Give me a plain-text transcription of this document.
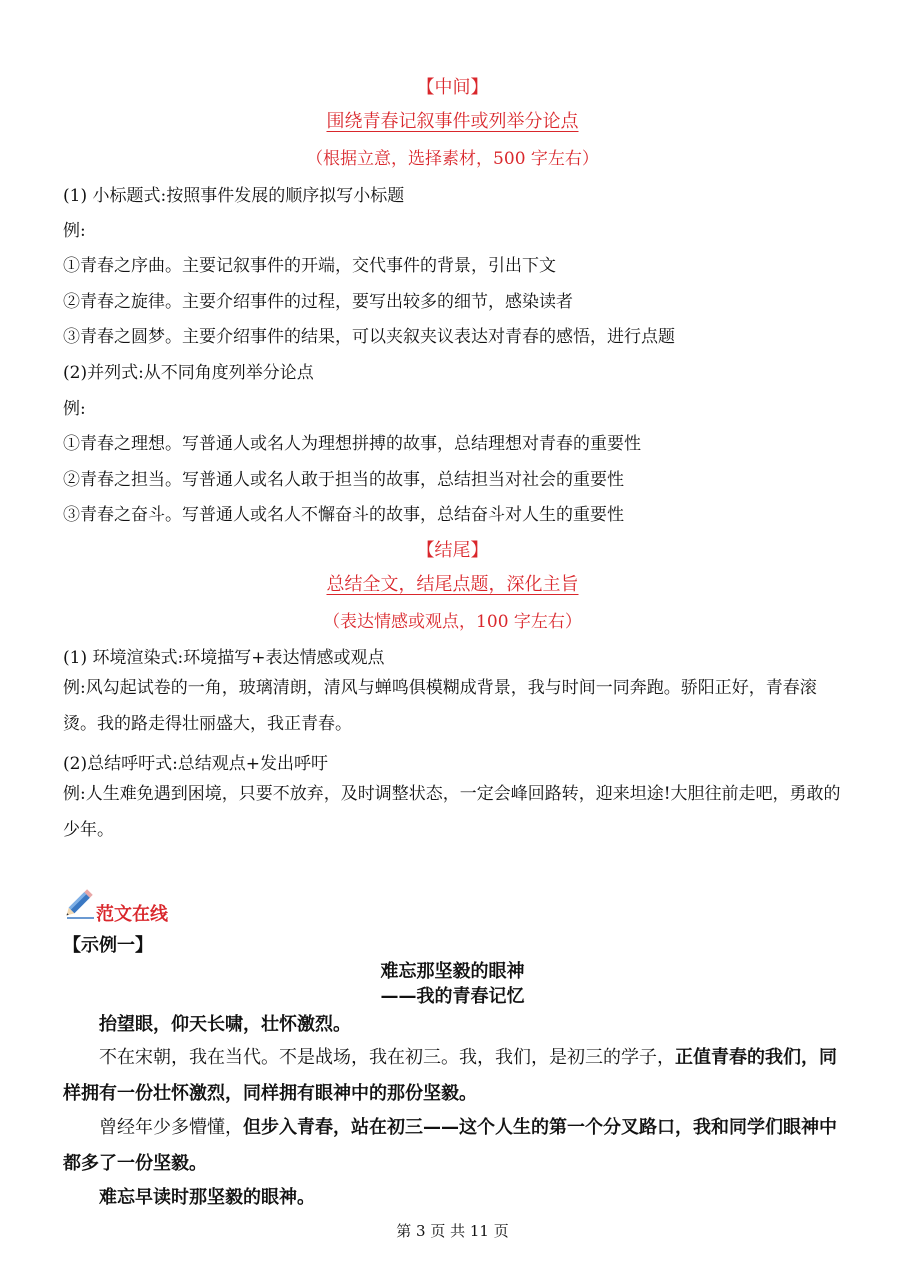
【中间】
围绕青春记叙事件或列举分论点
（根据立意，选择素材，500 字左右）
(1) 小标题式:按照事件发展的顺序拟写小标题
例:
①青春之序曲。主要记叙事件的开端，交代事件的背景，引出下文
②青春之旋律。主要介绍事件的过程，要写出较多的细节，感染读者
③青春之圆梦。主要介绍事件的结果，可以夹叙夹议表达对青春的感悟，进行点题
(2)并列式:从不同角度列举分论点
例:
①青春之理想。写普通人或名人为理想拼搏的故事，总结理想对青春的重要性
②青春之担当。写普通人或名人敢于担当的故事，总结担当对社会的重要性
③青春之奋斗。写普通人或名人不懈奋斗的故事，总结奋斗对人生的重要性
【结尾】
总结全文，结尾点题，深化主旨
（表达情感或观点，100 字左右）
(1) 环境渲染式:环境描写+表达情感或观点
例:风勾起试卷的一角，玻璃清朗，清风与蝉鸣俱模糊成背景，我与时间一同奔跑。骄阳正好，青春滚烫。我的路走得壮丽盛大，我正青春。
(2)总结呼吁式:总结观点+发出呼吁
例:人生难免遇到困境，只要不放弃，及时调整状态，一定会峰回路转，迎来坦途!大胆往前走吧，勇敢的少年。
范文在线
【示例一】
难忘那坚毅的眼神
——我的青春记忆
抬望眼，仰天长啸，壮怀激烈。
不在宋朝，我在当代。不是战场，我在初三。我，我们，是初三的学子，正值青春的我们，同样拥有一份壮怀激烈，同样拥有眼神中的那份坚毅。
曾经年少多懵懂，但步入青春，站在初三——这个人生的第一个分叉路口，我和同学们眼神中都多了一份坚毅。
难忘早读时那坚毅的眼神。
第 3 页 共 11 页
